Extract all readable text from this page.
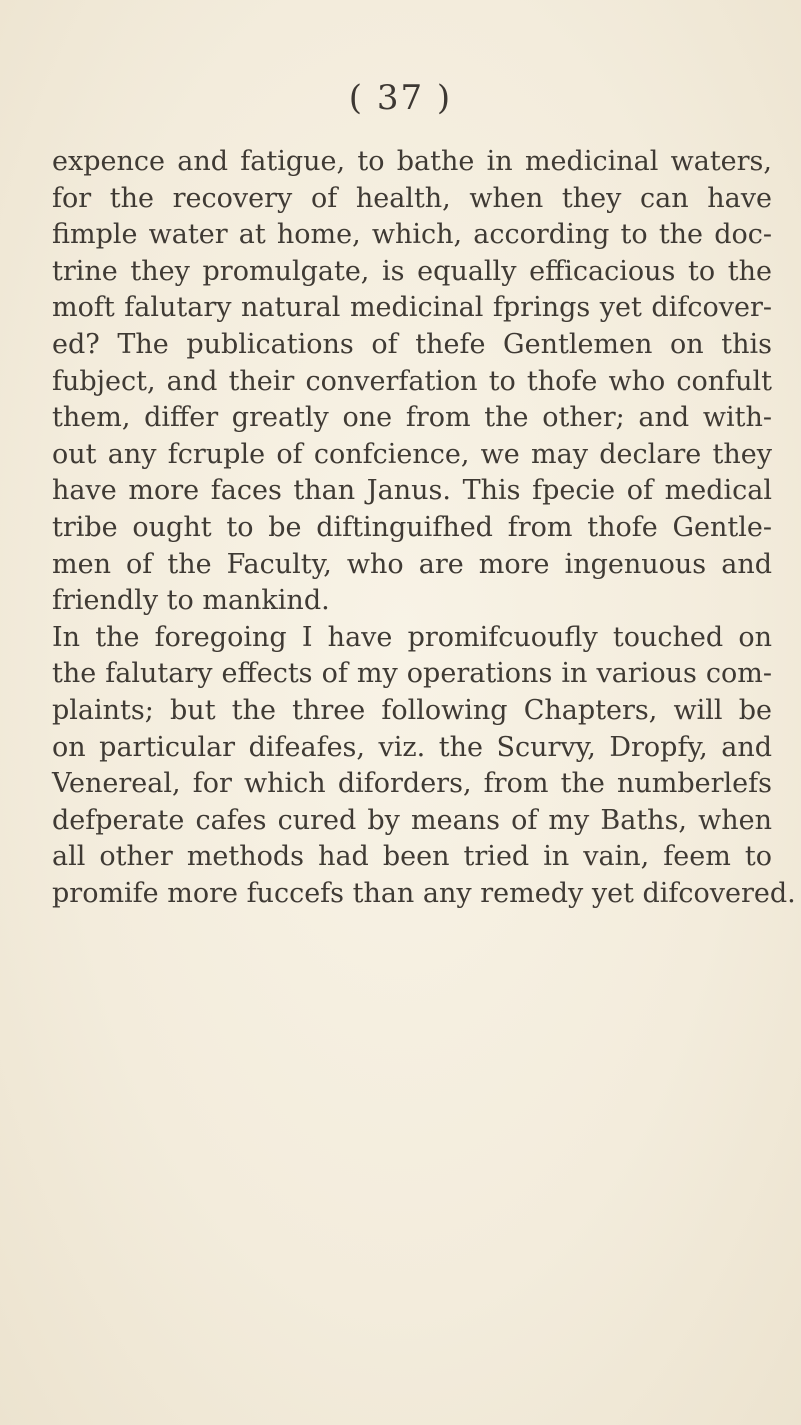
( 37 )
expence and fatigue, to bathe in medicinal waters,
for the recovery of health, when they can have
fimple water at home, which, according to the doc-
trine they promulgate, is equally efficacious to the
moft falutary natural medicinal fprings yet difcover-
ed? The publications of thefe Gentlemen on this
fubject, and their converfation to thofe who confult
them, differ greatly one from the other; and with-
out any fcruple of confcience, we may declare they
have more faces than Janus. This fpecie of medical
tribe ought to be diftinguifhed from thofe Gentle-
men of the Faculty, who are more ingenuous and
friendly to mankind.
In the foregoing I have promifcuoufly touched on
the falutary effects of my operations in various com-
plaints; but the three following Chapters, will be
on particular difeafes, viz. the Scurvy, Dropfy, and
Venereal, for which diforders, from the numberlefs
defperate cafes cured by means of my Baths, when
all other methods had been tried in vain, feem to
promife more fuccefs than any remedy yet difcovered.
